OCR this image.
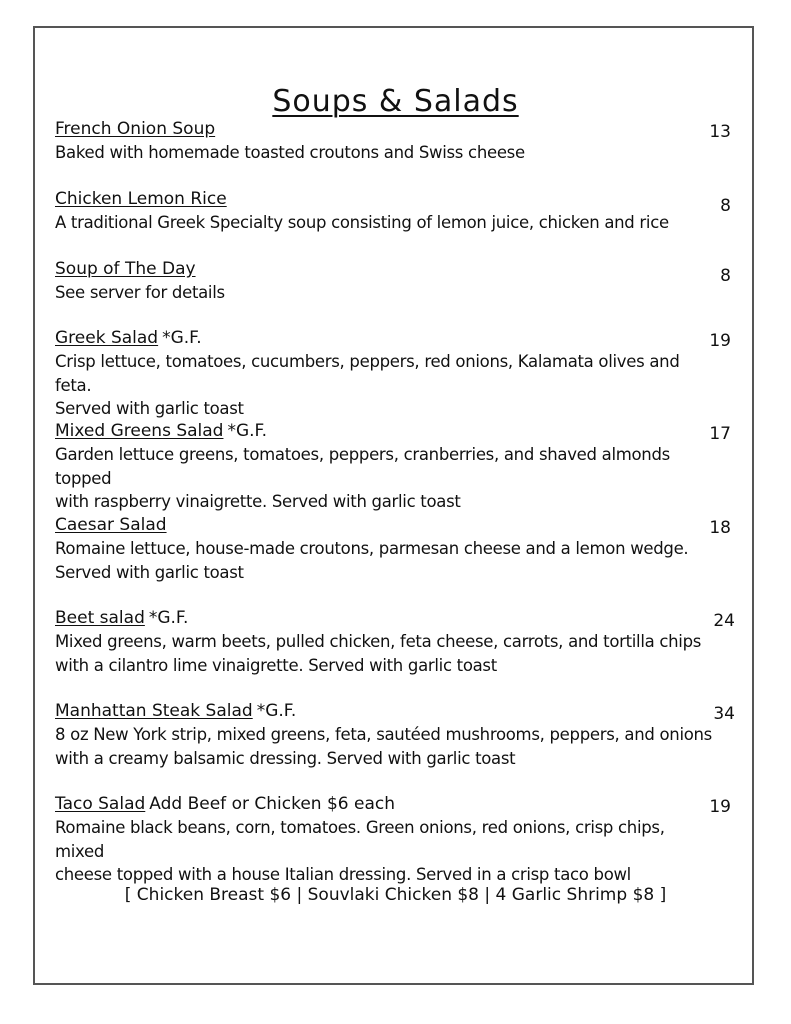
Soups & Salads
French Onion Soup
Baked with homemade toasted croutons and Swiss cheese
13
Chicken Lemon Rice
A traditional Greek Specialty soup consisting of lemon juice, chicken and rice
8
Soup of The Day
See server for details
8
Greek Salad *G.F.
Crisp lettuce, tomatoes, cucumbers, peppers, red onions, Kalamata olives and feta.
Served with garlic toast
19
Mixed Greens Salad *G.F.
Garden lettuce greens, tomatoes, peppers, cranberries, and shaved almonds topped
with raspberry vinaigrette. Served with garlic toast
17
Caesar Salad
Romaine lettuce, house-made croutons, parmesan cheese and a lemon wedge.
Served with garlic toast
18
Beet salad *G.F.
Mixed greens, warm beets, pulled chicken, feta cheese, carrots, and tortilla chips
with a cilantro lime vinaigrette. Served with garlic toast
24
Manhattan Steak Salad *G.F.
8 oz New York strip, mixed greens, feta, sautéed mushrooms, peppers, and onions
with a creamy balsamic dressing. Served with garlic toast
34
Taco Salad Add Beef or Chicken $6 each
Romaine black beans, corn, tomatoes. Green onions, red onions, crisp chips, mixed
cheese topped with a house Italian dressing. Served in a crisp taco bowl
19
[ Chicken Breast $6 | Souvlaki Chicken $8 | 4 Garlic Shrimp $8 ]
